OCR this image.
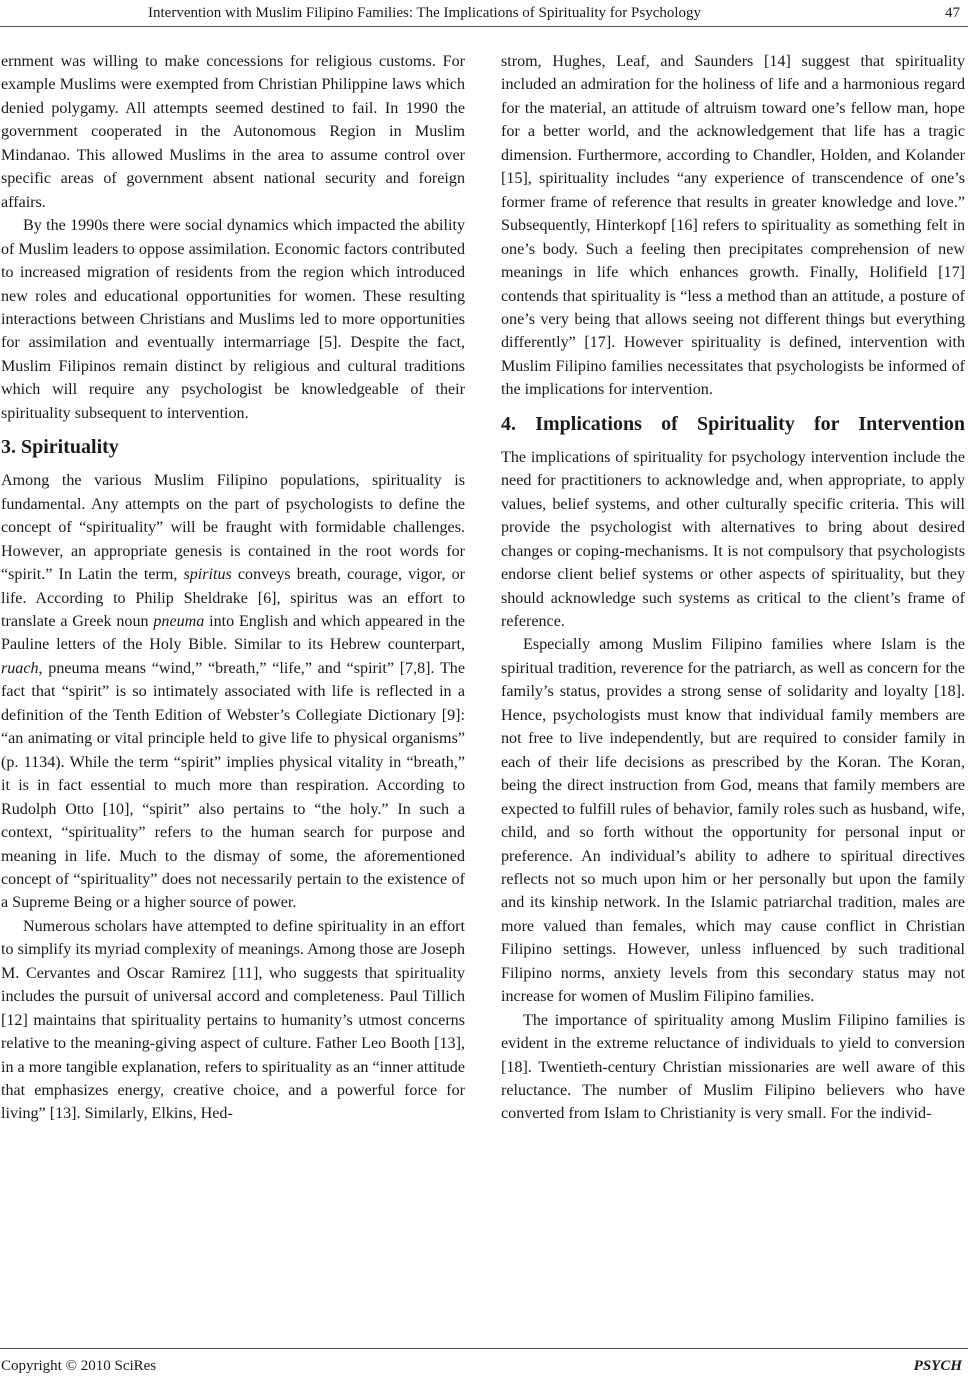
Intervention with Muslim Filipino Families: The Implications of Spirituality for Psychology	47

ernment was willing to make concessions for religious customs. For example Muslims were exempted from Christian Philippine laws which denied polygamy. All attempts seemed destined to fail. In 1990 the government cooperated in the Autonomous Region in Muslim Mindanao. This allowed Muslims in the area to assume control over specific areas of government absent national security and foreign affairs.

By the 1990s there were social dynamics which impacted the ability of Muslim leaders to oppose assimilation. Economic factors contributed to increased migration of residents from the region which introduced new roles and educational opportunities for women. These resulting interactions between Christians and Muslims led to more opportunities for assimilation and eventually intermarriage [5]. Despite the fact, Muslim Filipinos remain distinct by religious and cultural traditions which will require any psychologist be knowledgeable of their spirituality subsequent to intervention.

3. Spirituality

Among the various Muslim Filipino populations, spirituality is fundamental. Any attempts on the part of psychologists to define the concept of “spirituality” will be fraught with formidable challenges. However, an appropriate genesis is contained in the root words for “spirit.” In Latin the term, spiritus conveys breath, courage, vigor, or life. According to Philip Sheldrake [6], spiritus was an effort to translate a Greek noun pneuma into English and which appeared in the Pauline letters of the Holy Bible. Similar to its Hebrew counterpart, ruach, pneuma means “wind,” “breath,” “life,” and “spirit” [7,8]. The fact that “spirit” is so intimately associated with life is reflected in a definition of the Tenth Edition of Webster’s Collegiate Dictionary [9]: “an animating or vital principle held to give life to physical organisms” (p. 1134). While the term “spirit” implies physical vitality in “breath,” it is in fact essential to much more than respiration. According to Rudolph Otto [10], “spirit” also pertains to “the holy.” In such a context, “spirituality” refers to the human search for purpose and meaning in life. Much to the dismay of some, the aforementioned concept of “spirituality” does not necessarily pertain to the existence of a Supreme Being or a higher source of power.

Numerous scholars have attempted to define spirituality in an effort to simplify its myriad complexity of meanings. Among those are Joseph M. Cervantes and Oscar Ramirez [11], who suggests that spirituality includes the pursuit of universal accord and completeness. Paul Tillich [12] maintains that spirituality pertains to humanity’s utmost concerns relative to the meaning-giving aspect of culture. Father Leo Booth [13], in a more tangible explanation, refers to spirituality as an “inner attitude that emphasizes energy, creative choice, and a powerful force for living” [13]. Similarly, Elkins, Hed-

strom, Hughes, Leaf, and Saunders [14] suggest that spirituality included an admiration for the holiness of life and a harmonious regard for the material, an attitude of altruism toward one’s fellow man, hope for a better world, and the acknowledgement that life has a tragic dimension. Furthermore, according to Chandler, Holden, and Kolander [15], spirituality includes “any experience of transcendence of one’s former frame of reference that results in greater knowledge and love.” Subsequently, Hinterkopf [16] refers to spirituality as something felt in one’s body. Such a feeling then precipitates comprehension of new meanings in life which enhances growth. Finally, Holifield [17] contends that spirituality is “less a method than an attitude, a posture of one’s very being that allows seeing not different things but everything differently” [17]. However spirituality is defined, intervention with Muslim Filipino families necessitates that psychologists be informed of the implications for intervention.

4. Implications of Spirituality for Intervention

The implications of spirituality for psychology intervention include the need for practitioners to acknowledge and, when appropriate, to apply values, belief systems, and other culturally specific criteria. This will provide the psychologist with alternatives to bring about desired changes or coping-mechanisms. It is not compulsory that psychologists endorse client belief systems or other aspects of spirituality, but they should acknowledge such systems as critical to the client’s frame of reference.

Especially among Muslim Filipino families where Islam is the spiritual tradition, reverence for the patriarch, as well as concern for the family’s status, provides a strong sense of solidarity and loyalty [18]. Hence, psychologists must know that individual family members are not free to live independently, but are required to consider family in each of their life decisions as prescribed by the Koran. The Koran, being the direct instruction from God, means that family members are expected to fulfill rules of behavior, family roles such as husband, wife, child, and so forth without the opportunity for personal input or preference. An individual’s ability to adhere to spiritual directives reflects not so much upon him or her personally but upon the family and its kinship network. In the Islamic patriarchal tradition, males are more valued than females, which may cause conflict in Christian Filipino settings. However, unless influenced by such traditional Filipino norms, anxiety levels from this secondary status may not increase for women of Muslim Filipino families.

The importance of spirituality among Muslim Filipino families is evident in the extreme reluctance of individuals to yield to conversion [18]. Twentieth-century Christian missionaries are well aware of this reluctance. The number of Muslim Filipino believers who have converted from Islam to Christianity is very small. For the individ-

Copyright © 2010 SciRes	PSYCH
